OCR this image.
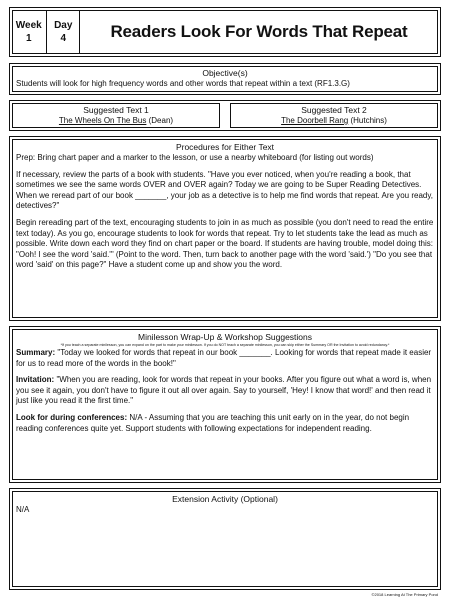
Week
1
Day
4	Readers Look For Words That Repeat
Objective(s)
Students will look for high frequency words and other words that repeat within a text (RF1.3.G)
Suggested Text 1
The Wheels On The Bus (Dean)
Suggested Text 2
The Doorbell Rang (Hutchins)
Procedures for Either Text

Prep: Bring chart paper and a marker to the lesson, or use a nearby whiteboard (for listing out words)

If necessary, review the parts of a book with students. "Have you ever noticed, when you're reading a book, that sometimes we see the same words OVER and OVER again? Today we are going to be Super Reading Detectives. When we reread part of our book _______, your job as a detective is to help me find words that repeat. Are you ready, detectives?"

Begin rereading part of the text, encouraging students to join in as much as possible (you don't need to read the entire text today). As you go, encourage students to look for words that repeat. Try to let students take the lead as much as possible. Write down each word they find on chart paper or the board. If students are having trouble, model doing this: "Ooh! I see the word 'said.'" (Point to the word. Then, turn back to another page with the word 'said.') "Do you see that word 'said' on this page?" Have a student come up and show you the word.

Minilesson Wrap-Up & Workshop Suggestions
*If you teach a separate minilesson, you can expand on the part to make your minilesson. If you do NOT teach a separate minilesson, you can skip either the Summary OR the Invitation to avoid redundancy.*

Summary: "Today we looked for words that repeat in our book _______. Looking for words that repeat made it easier for us to read more of the words in the book!"

Invitation: "When you are reading, look for words that repeat in your books. After you figure out what a word is, when you see it again, you don't have to figure it out all over again. Say to yourself, 'Hey! I know that word!' and then read it just like you read it the first time."

Look for during conferences: N/A - Assuming that you are teaching this unit early on in the year, do not begin reading conferences quite yet. Support students with following expectations for independent reading.

Extension Activity (Optional)
N/A
©2018 Learning At The Primary Pond
